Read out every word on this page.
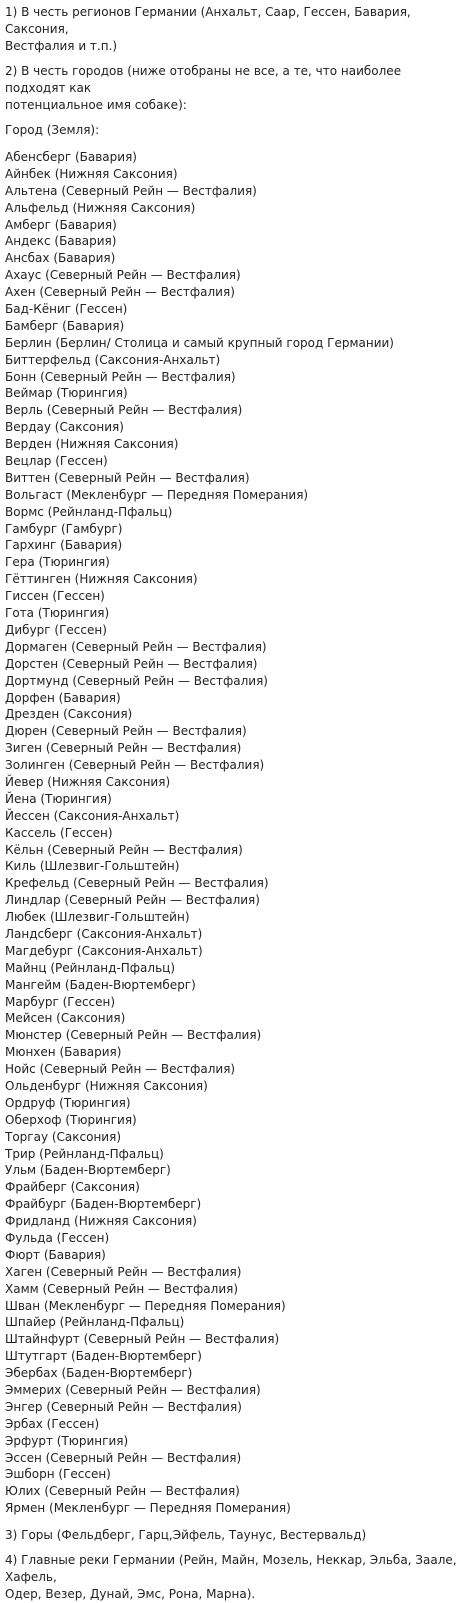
1) В честь регионов Германии (Анхальт, Саар, Гессен, Бавария, Саксония,
Вестфалия и т.п.)
2) В честь городов (ниже отобраны не все, а те, что наиболее подходят как
потенциальное имя собаке):
Город (Земля):
Абенсберг (Бавария)
Айнбек (Нижняя Саксония)
Альтена (Северный Рейн — Вестфалия)
Альфельд (Нижняя Саксония)
Амберг (Бавария)
Андекс (Бавария)
Ансбах (Бавария)
Ахаус (Северный Рейн — Вестфалия)
Ахен (Северный Рейн — Вестфалия)
Бад-Кёниг (Гессен)
Бамберг (Бавария)
Берлин (Берлин/ Столица и самый крупный город Германии)
Биттерфельд (Саксония-Анхальт)
Бонн (Северный Рейн — Вестфалия)
Веймар (Тюрингия)
Верль (Северный Рейн — Вестфалия)
Вердау (Саксония)
Верден (Нижняя Саксония)
Вецлар (Гессен)
Виттен (Северный Рейн — Вестфалия)
Вольгаст (Мекленбург — Передняя Померания)
Вормс (Рейнланд-Пфальц)
Гамбург (Гамбург)
Гархинг (Бавария)
Гера (Тюрингия)
Гёттинген (Нижняя Саксония)
Гиссен (Гессен)
Гота (Тюрингия)
Дибург (Гессен)
Дормаген (Северный Рейн — Вестфалия)
Дорстен (Северный Рейн — Вестфалия)
Дортмунд (Северный Рейн — Вестфалия)
Дорфен (Бавария)
Дрезден (Саксония)
Дюрен (Северный Рейн — Вестфалия)
Зиген (Северный Рейн — Вестфалия)
Золинген (Северный Рейн — Вестфалия)
Йевер (Нижняя Саксония)
Йена (Тюрингия)
Йессен (Саксония-Анхальт)
Кассель (Гессен)
Кёльн (Северный Рейн — Вестфалия)
Киль (Шлезвиг-Гольштейн)
Крефельд (Северный Рейн — Вестфалия)
Линдлар (Северный Рейн — Вестфалия)
Любек (Шлезвиг-Гольштейн)
Ландсберг (Саксония-Анхальт)
Магдебург (Саксония-Анхальт)
Майнц (Рейнланд-Пфальц)
Мангейм (Баден-Вюртемберг)
Марбург (Гессен)
Мейсен (Саксония)
Мюнстер (Северный Рейн — Вестфалия)
Мюнхен (Бавария)
Нойс (Северный Рейн — Вестфалия)
Ольденбург (Нижняя Саксония)
Ордруф (Тюрингия)
Оберхоф (Тюрингия)
Торгау (Саксония)
Трир (Рейнланд-Пфальц)
Ульм (Баден-Вюртемберг)
Фрайберг (Саксония)
Фрайбург (Баден-Вюртемберг)
Фридланд (Нижняя Саксония)
Фульда (Гессен)
Фюрт (Бавария)
Хаген (Северный Рейн — Вестфалия)
Хамм (Северный Рейн — Вестфалия)
Шван (Мекленбург — Передняя Померания)
Шпайер (Рейнланд-Пфальц)
Штайнфурт (Северный Рейн — Вестфалия)
Штутгарт (Баден-Вюртемберг)
Эбербах (Баден-Вюртемберг)
Эммерих (Северный Рейн — Вестфалия)
Энгер (Северный Рейн — Вестфалия)
Эрбах (Гессен)
Эрфурт (Тюрингия)
Эссен (Северный Рейн — Вестфалия)
Эшборн (Гессен)
Юлих (Северный Рейн — Вестфалия)
Ярмен (Мекленбург — Передняя Померания)
3) Горы (Фельдберг, Гарц,Эйфель, Таунус, Вестервальд)
4) Главные реки Германии (Рейн, Майн, Мозель, Неккар, Эльба, Заале, Хафель,
Одер, Везер, Дунай, Эмс, Рона, Марна).
